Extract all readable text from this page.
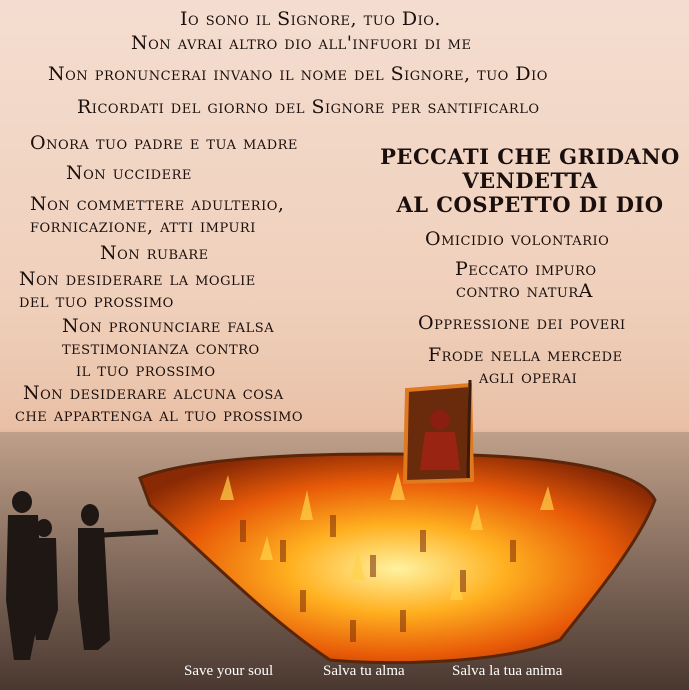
Io sono il Signore, tuo Dio.
Non avrai altro dio all'infuori di me
Non pronuncerai invano il nome del Signore, tuo Dio
Ricordati del giorno del Signore per santificarlo
Onora tuo padre e tua madre
Non uccidere
Non commettere adulterio,
fornicazione, atti impuri
Non rubare
Non desiderare la moglie
del tuo prossimo
Non pronunciare falsa
testimonianza contro
il tuo prossimo
Non desiderare alcuna cosa
che appartenga al tuo prossimo
PECCATI CHE GRIDANO
VENDETTA
AL COSPETTO DI DIO
Omicidio volontario
Peccato impuro
contro naturA
Oppressione dei poveri
Frode nella mercede
agli operai
Save your soul	Salva tu alma	Salva la tua anima
